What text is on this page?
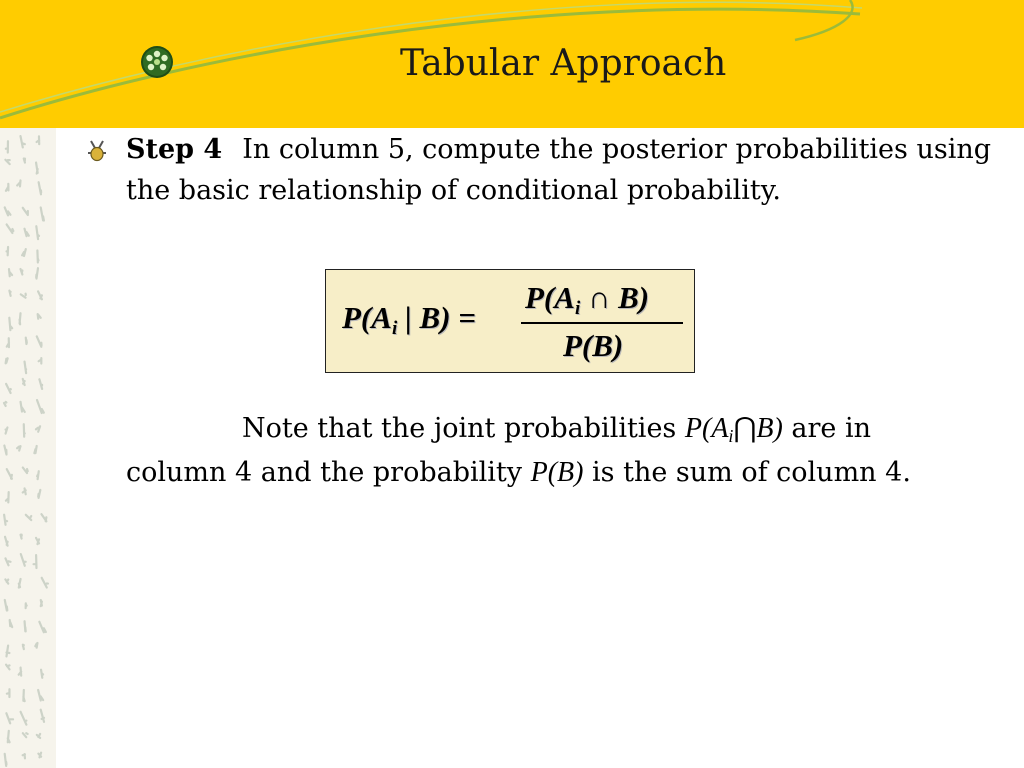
Tabular Approach
Step 4 In column 5, compute the posterior probabilities using the basic relationship of conditional probability.
P(Ai | B) =
P(Ai ∩ B)
P(B)
Note that the joint probabilities P(Ai⋂B) are in column 4 and the probability P(B) is the sum of column 4.
